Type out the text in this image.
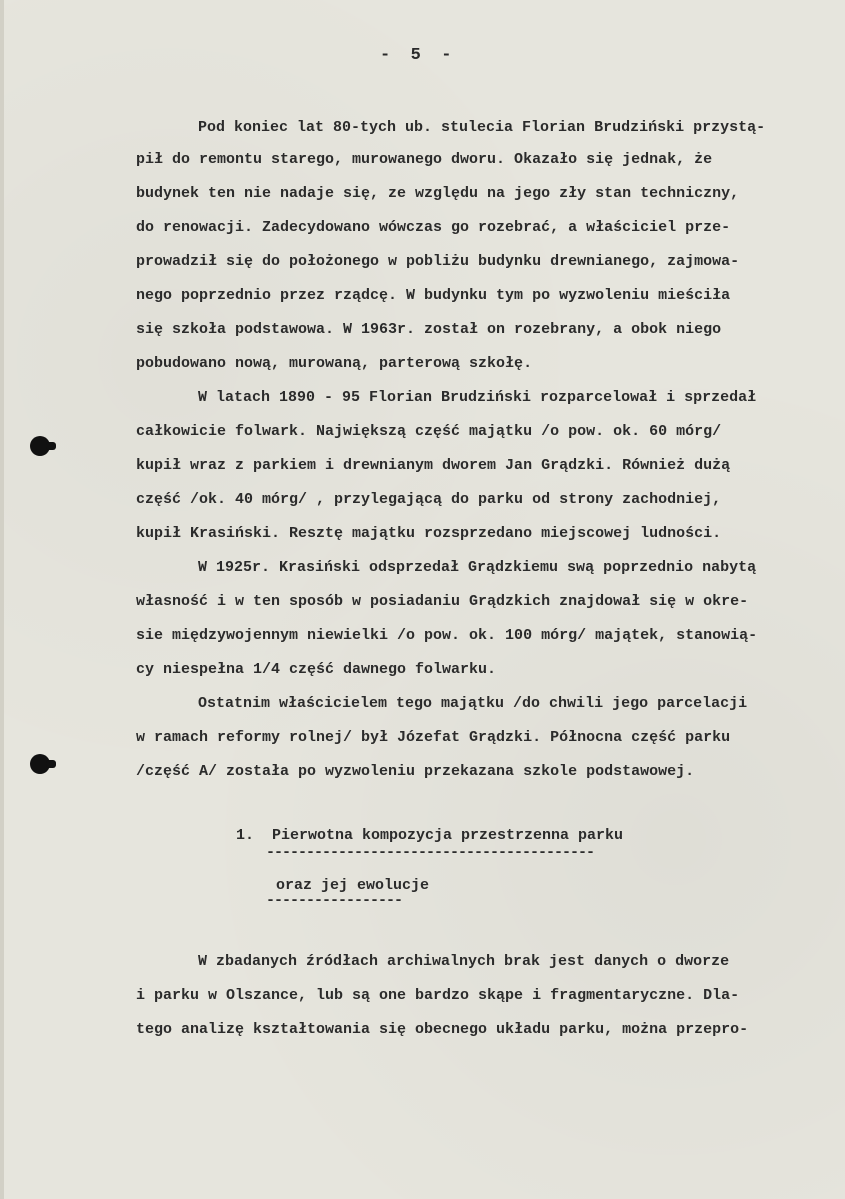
-  5  -
Pod koniec lat 80-tych ub. stulecia Florian Brudziński przystą-
pił do remontu starego, murowanego dworu. Okazało się jednak, że
budynek ten nie nadaje się, ze względu na jego zły stan techniczny,
do renowacji. Zadecydowano wówczas go rozebrać, a właściciel prze-
prowadził się do położonego w pobliżu budynku drewnianego, zajmowa-
nego poprzednio przez rządcę. W budynku tym po wyzwoleniu mieściła
się szkoła podstawowa. W 1963r. został on rozebrany, a obok niego
pobudowano nową, murowaną, parterową szkołę.
W latach 1890 - 95 Florian Brudziński rozparcelował i sprzedał
całkowicie folwark. Największą część majątku /o pow. ok. 60 mórg/
kupił wraz z parkiem i drewnianym dworem Jan Grądzki. Również dużą
część /ok. 40 mórg/ , przylegającą do parku od strony zachodniej,
kupił Krasiński. Resztę majątku rozsprzedano miejscowej ludności.
W 1925r. Krasiński odsprzedał Grądzkiemu swą poprzednio nabytą
własność i w ten sposób w posiadaniu Grądzkich znajdował się w okre-
sie międzywojennym niewielki /o pow. ok. 100 mórg/ majątek, stanowią-
cy niespełna 1/4 część dawnego folwarku.
Ostatnim właścicielem tego majątku /do chwili jego parcelacji
w ramach reformy rolnej/ był Józefat Grądzki. Północna część parku
/część A/ została po wyzwoleniu przekazana szkole podstawowej.
1.  Pierwotna kompozycja przestrzenna parku
-----------------------------------------
oraz jej ewolucje
-----------------
W zbadanych źródłach archiwalnych brak jest danych o dworze
i parku w Olszance, lub są one bardzo skąpe i fragmentaryczne. Dla-
tego analizę kształtowania się obecnego układu parku, można przepro-
